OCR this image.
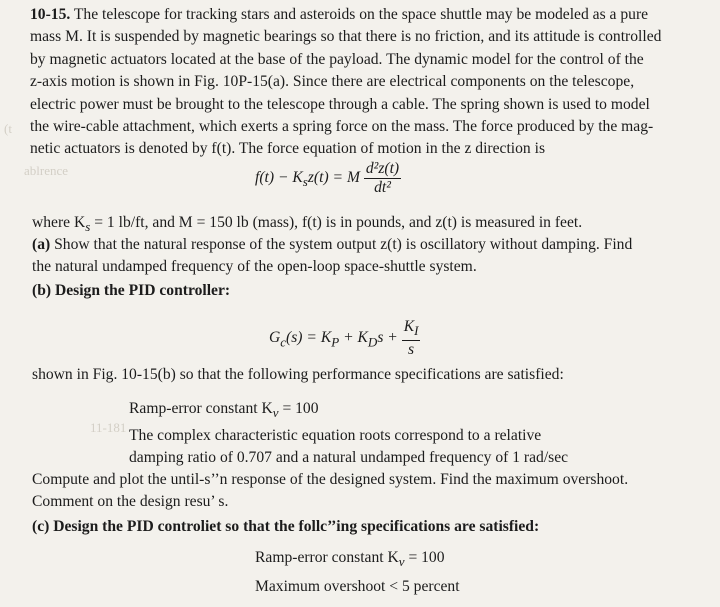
(t
ablrence
11-181
10-15. The telescope for tracking stars and asteroids on the space shuttle may be modeled as a pure
mass M. It is suspended by magnetic bearings so that there is no friction, and its attitude is controlled
by magnetic actuators located at the base of the payload. The dynamic model for the control of the
z-axis motion is shown in Fig. 10P-15(a). Since there are electrical components on the telescope,
electric power must be brought to the telescope through a cable. The spring shown is used to model
the wire-cable attachment, which exerts a spring force on the mass. The force produced by the mag-
netic actuators is denoted by f(t). The force equation of motion in the z direction is
$f(t) - K_sz(t) = M \frac{\text{d²z(t)}}{\text{dt²}}$
where $K_s = 1$ lb/ft, and M = 150 lb (mass), f(t) is in pounds, and z(t) is measured in feet.
(a) Show that the natural response of the system output z(t) is oscillatory without damping. Find
the natural undamped frequency of the open-loop space-shuttle system.
(b) Design the PID controller:
$G_c(s) = K_P + K_Ds + \frac{K_I}{s}$
shown in Fig. 10-15(b) so that the following performance specifications are satisfied:
Ramp-error constant $K_v = 100$
The complex characteristic equation roots correspond to a relative
damping ratio of 0.707 and a natural undamped frequency of 1 rad/sec
Compute and plot the until-s’’n response of the designed system. Find the maximum overshoot.
Comment on the design resu’ s.
(c) Design the PID controliet so that the follc’’ing specifications are satisfied:
Ramp-error constant $K_v = 100$
Maximum overshoot < 5 percent
